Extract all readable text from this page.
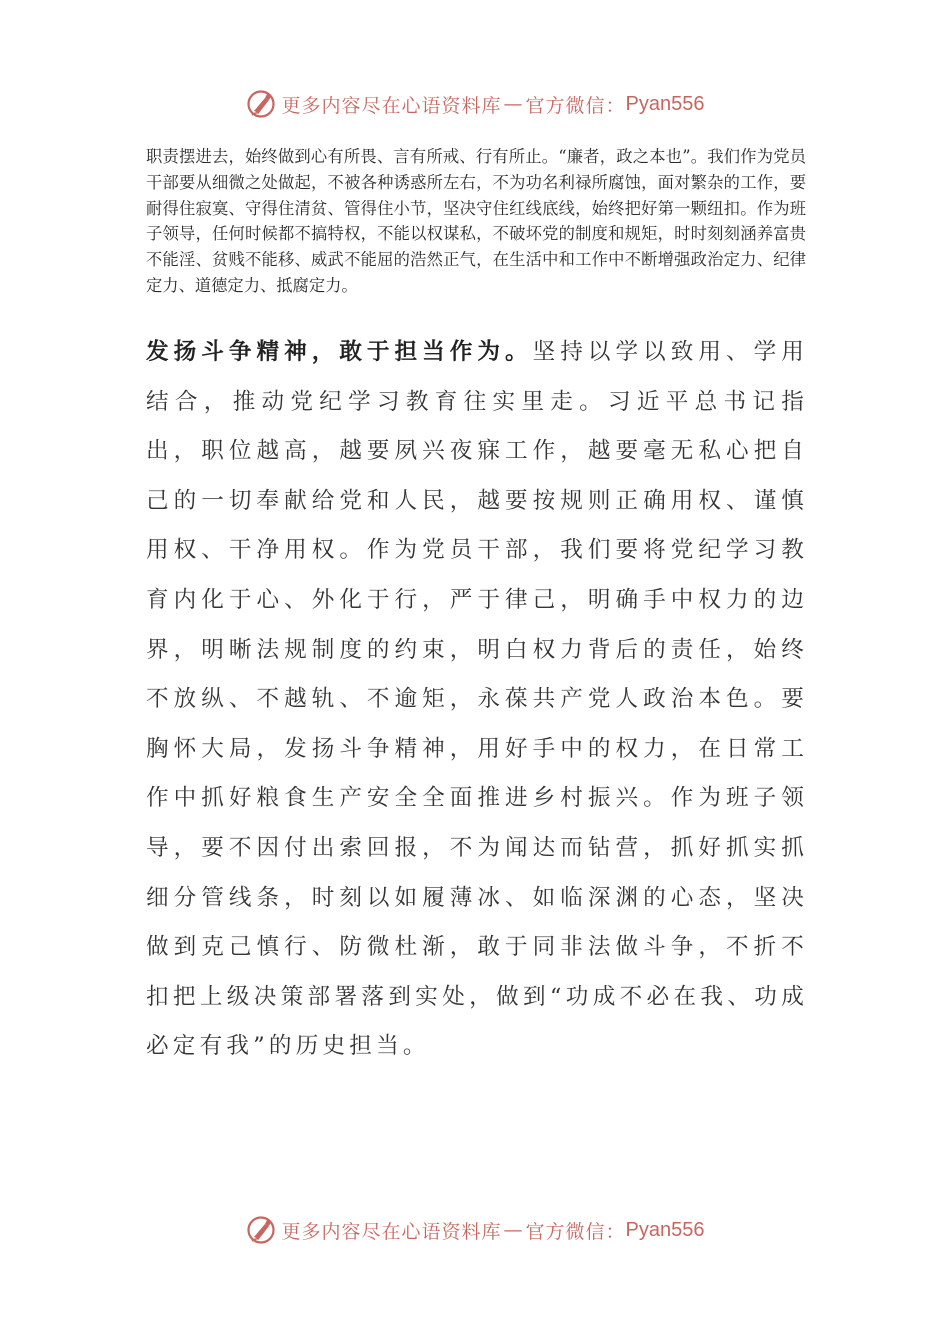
更多内容尽在心语资料库 — 官方微信： Pyan556

职责摆进去，始终做到心有所畏、言有所戒、行有所止。“廉者，政之本也”。我们作为党员干部要从细微之处做起，不被各种诱惑所左右，不为功名利禄所腐蚀，面对繁杂的工作，要耐得住寂寞、守得住清贫、管得住小节，坚决守住红线底线，始终把好第一颗纽扣。作为班子领导，任何时候都不搞特权，不能以权谋私，不破坏党的制度和规矩，时时刻刻涵养富贵不能淫、贫贱不能移、威武不能屈的浩然正气，在生活中和工作中不断增强政治定力、纪律定力、道德定力、抵腐定力。

发扬斗争精神，敢于担当作为。坚持以学以致用、学用结合，推动党纪学习教育往实里走。习近平总书记指出，职位越高，越要夙兴夜寐工作，越要毫无私心把自己的一切奉献给党和人民，越要按规则正确用权、谨慎用权、干净用权。作为党员干部，我们要将党纪学习教育内化于心、外化于行，严于律己，明确手中权力的边界，明晰法规制度的约束，明白权力背后的责任，始终不放纵、不越轨、不逾矩，永葆共产党人政治本色。要胸怀大局，发扬斗争精神，用好手中的权力，在日常工作中抓好粮食生产安全全面推进乡村振兴。作为班子领导，要不因付出索回报，不为闻达而钻营，抓好抓实抓细分管线条，时刻以如履薄冰、如临深渊的心态，坚决做到克己慎行、防微杜渐，敢于同非法做斗争，不折不扣把上级决策部署落到实处，做到“功成不必在我、功成必定有我”的历史担当。

更多内容尽在心语资料库 — 官方微信： Pyan556
